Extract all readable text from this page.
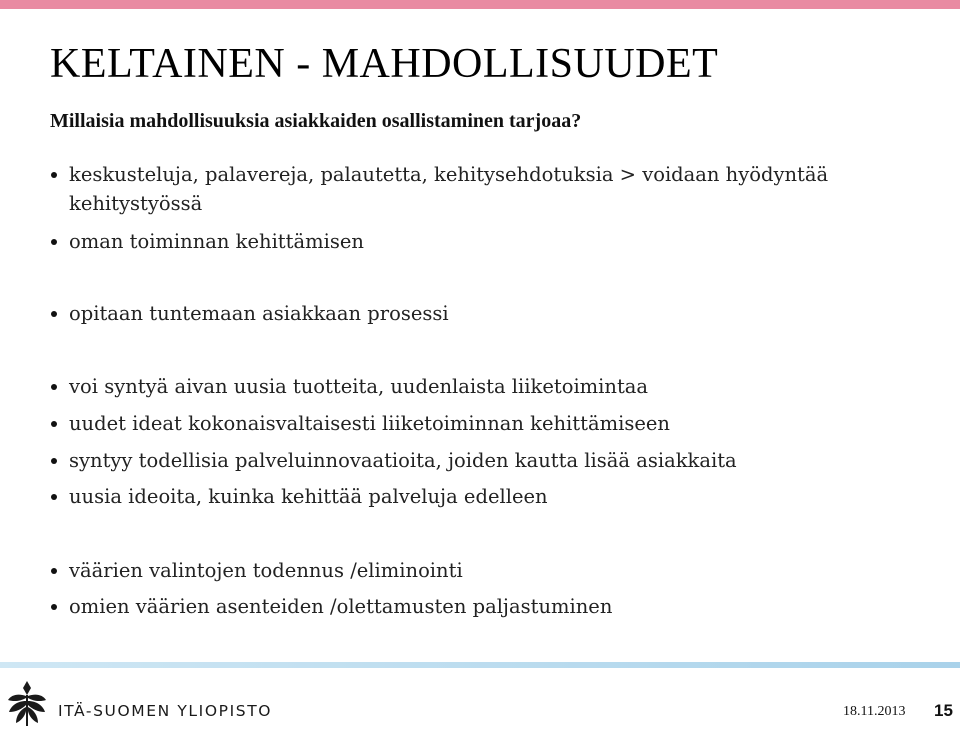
KELTAINEN - MAHDOLLISUUDET

Millaisia mahdollisuuksia asiakkaiden osallistaminen tarjoaa?

keskusteluja, palavereja, palautetta, kehitysehdotuksia > voidaan hyödyntää kehitystyössä
oman toiminnan kehittämisen
opitaan tuntemaan asiakkaan prosessi
voi syntyä aivan uusia tuotteita, uudenlaista liiketoimintaa
uudet ideat kokonaisvaltaisesti liiketoiminnan kehittämiseen
syntyy todellisia palveluinnovaatioita, joiden kautta lisää asiakkaita
uusia ideoita, kuinka kehittää palveluja edelleen
väärien valintojen todennus /eliminointi
omien väärien asenteiden /olettamusten paljastuminen
ITÄ-SUOMEN YLIOPISTO	18.11.2013 15
